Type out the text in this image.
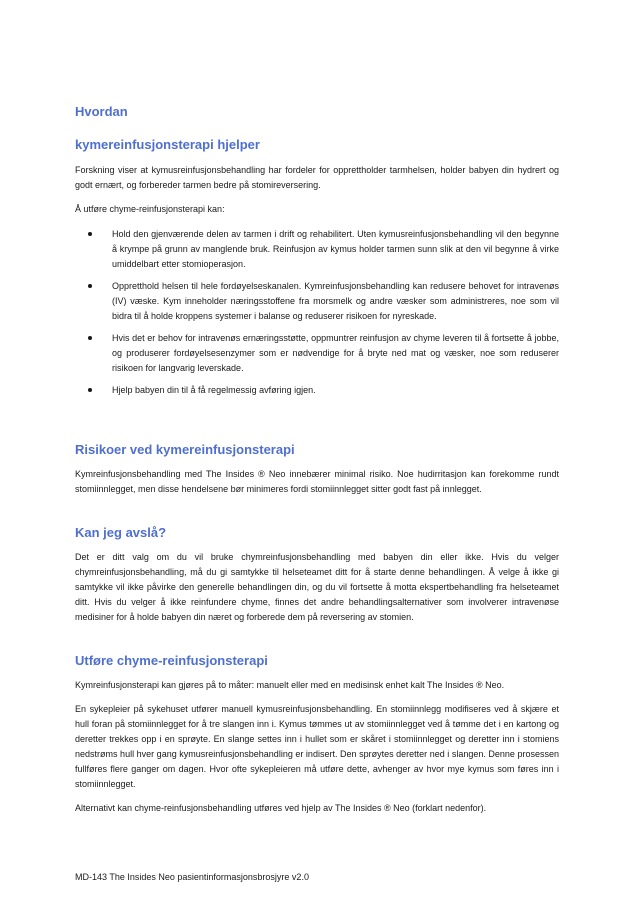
Hvordan
kymereinfusjonsterapi hjelper

Forskning viser at kymusreinfusjonsbehandling har fordeler for opprettholder tarmhelsen, holder babyen din hydrert og godt ernært, og forbereder tarmen bedre på stomireversering.

Å utføre chyme-reinfusjonsterapi kan:

Hold den gjenværende delen av tarmen i drift og rehabilitert. Uten kymusreinfusjonsbehandling vil den begynne å krympe på grunn av manglende bruk. Reinfusjon av kymus holder tarmen sunn slik at den vil begynne å virke umiddelbart etter stomioperasjon.

Oppretthold helsen til hele fordøyelseskanalen. Kymreinfusjonsbehandling kan redusere behovet for intravenøs (IV) væske. Kym inneholder næringsstoffene fra morsmelk og andre væsker som administreres, noe som vil bidra til å holde kroppens systemer i balanse og reduserer risikoen for nyreskade.

Hvis det er behov for intravenøs ernæringsstøtte, oppmuntrer reinfusjon av chyme leveren til å fortsette å jobbe, og produserer fordøyelsesenzymer som er nødvendige for å bryte ned mat og væsker, noe som reduserer risikoen for langvarig leverskade.

Hjelp babyen din til å få regelmessig avføring igjen.

Risikoer ved kymereinfusjonsterapi

Kymreinfusjonsbehandling med The Insides ® Neo innebærer minimal risiko. Noe hudirritasjon kan forekomme rundt stomiinnlegget, men disse hendelsene bør minimeres fordi stomiinnlegget sitter godt fast på innlegget.

Kan jeg avslå?

Det er ditt valg om du vil bruke chymreinfusjonsbehandling med babyen din eller ikke. Hvis du velger chymreinfusjonsbehandling, må du gi samtykke til helseteamet ditt for å starte denne behandlingen. Å velge å ikke gi samtykke vil ikke påvirke den generelle behandlingen din, og du vil fortsette å motta ekspertbehandling fra helseteamet ditt. Hvis du velger å ikke reinfundere chyme, finnes det andre behandlingsalternativer som involverer intravenøse medisiner for å holde babyen din næret og forberede dem på reversering av stomien.

Utføre chyme-reinfusjonsterapi

Kymreinfusjonsterapi kan gjøres på to måter: manuelt eller med en medisinsk enhet kalt The Insides ® Neo.

En sykepleier på sykehuset utfører manuell kymusreinfusjonsbehandling. En stomiinnlegg modifiseres ved å skjære et hull foran på stomiinnlegget for å tre slangen inn i. Kymus tømmes ut av stomiinnlegget ved å tømme det i en kartong og deretter trekkes opp i en sprøyte. En slange settes inn i hullet som er skåret i stomiinnlegget og deretter inn i stomiens nedstrøms hull hver gang kymusreinfusjonsbehandling er indisert. Den sprøytes deretter ned i slangen. Denne prosessen fullføres flere ganger om dagen. Hvor ofte sykepleieren må utføre dette, avhenger av hvor mye kymus som føres inn i stomiinnlegget.

Alternativt kan chyme-reinfusjonsbehandling utføres ved hjelp av The Insides ® Neo (forklart nedenfor).

MD-143 The Insides Neo pasientinformasjonsbrosjyre v2.0
